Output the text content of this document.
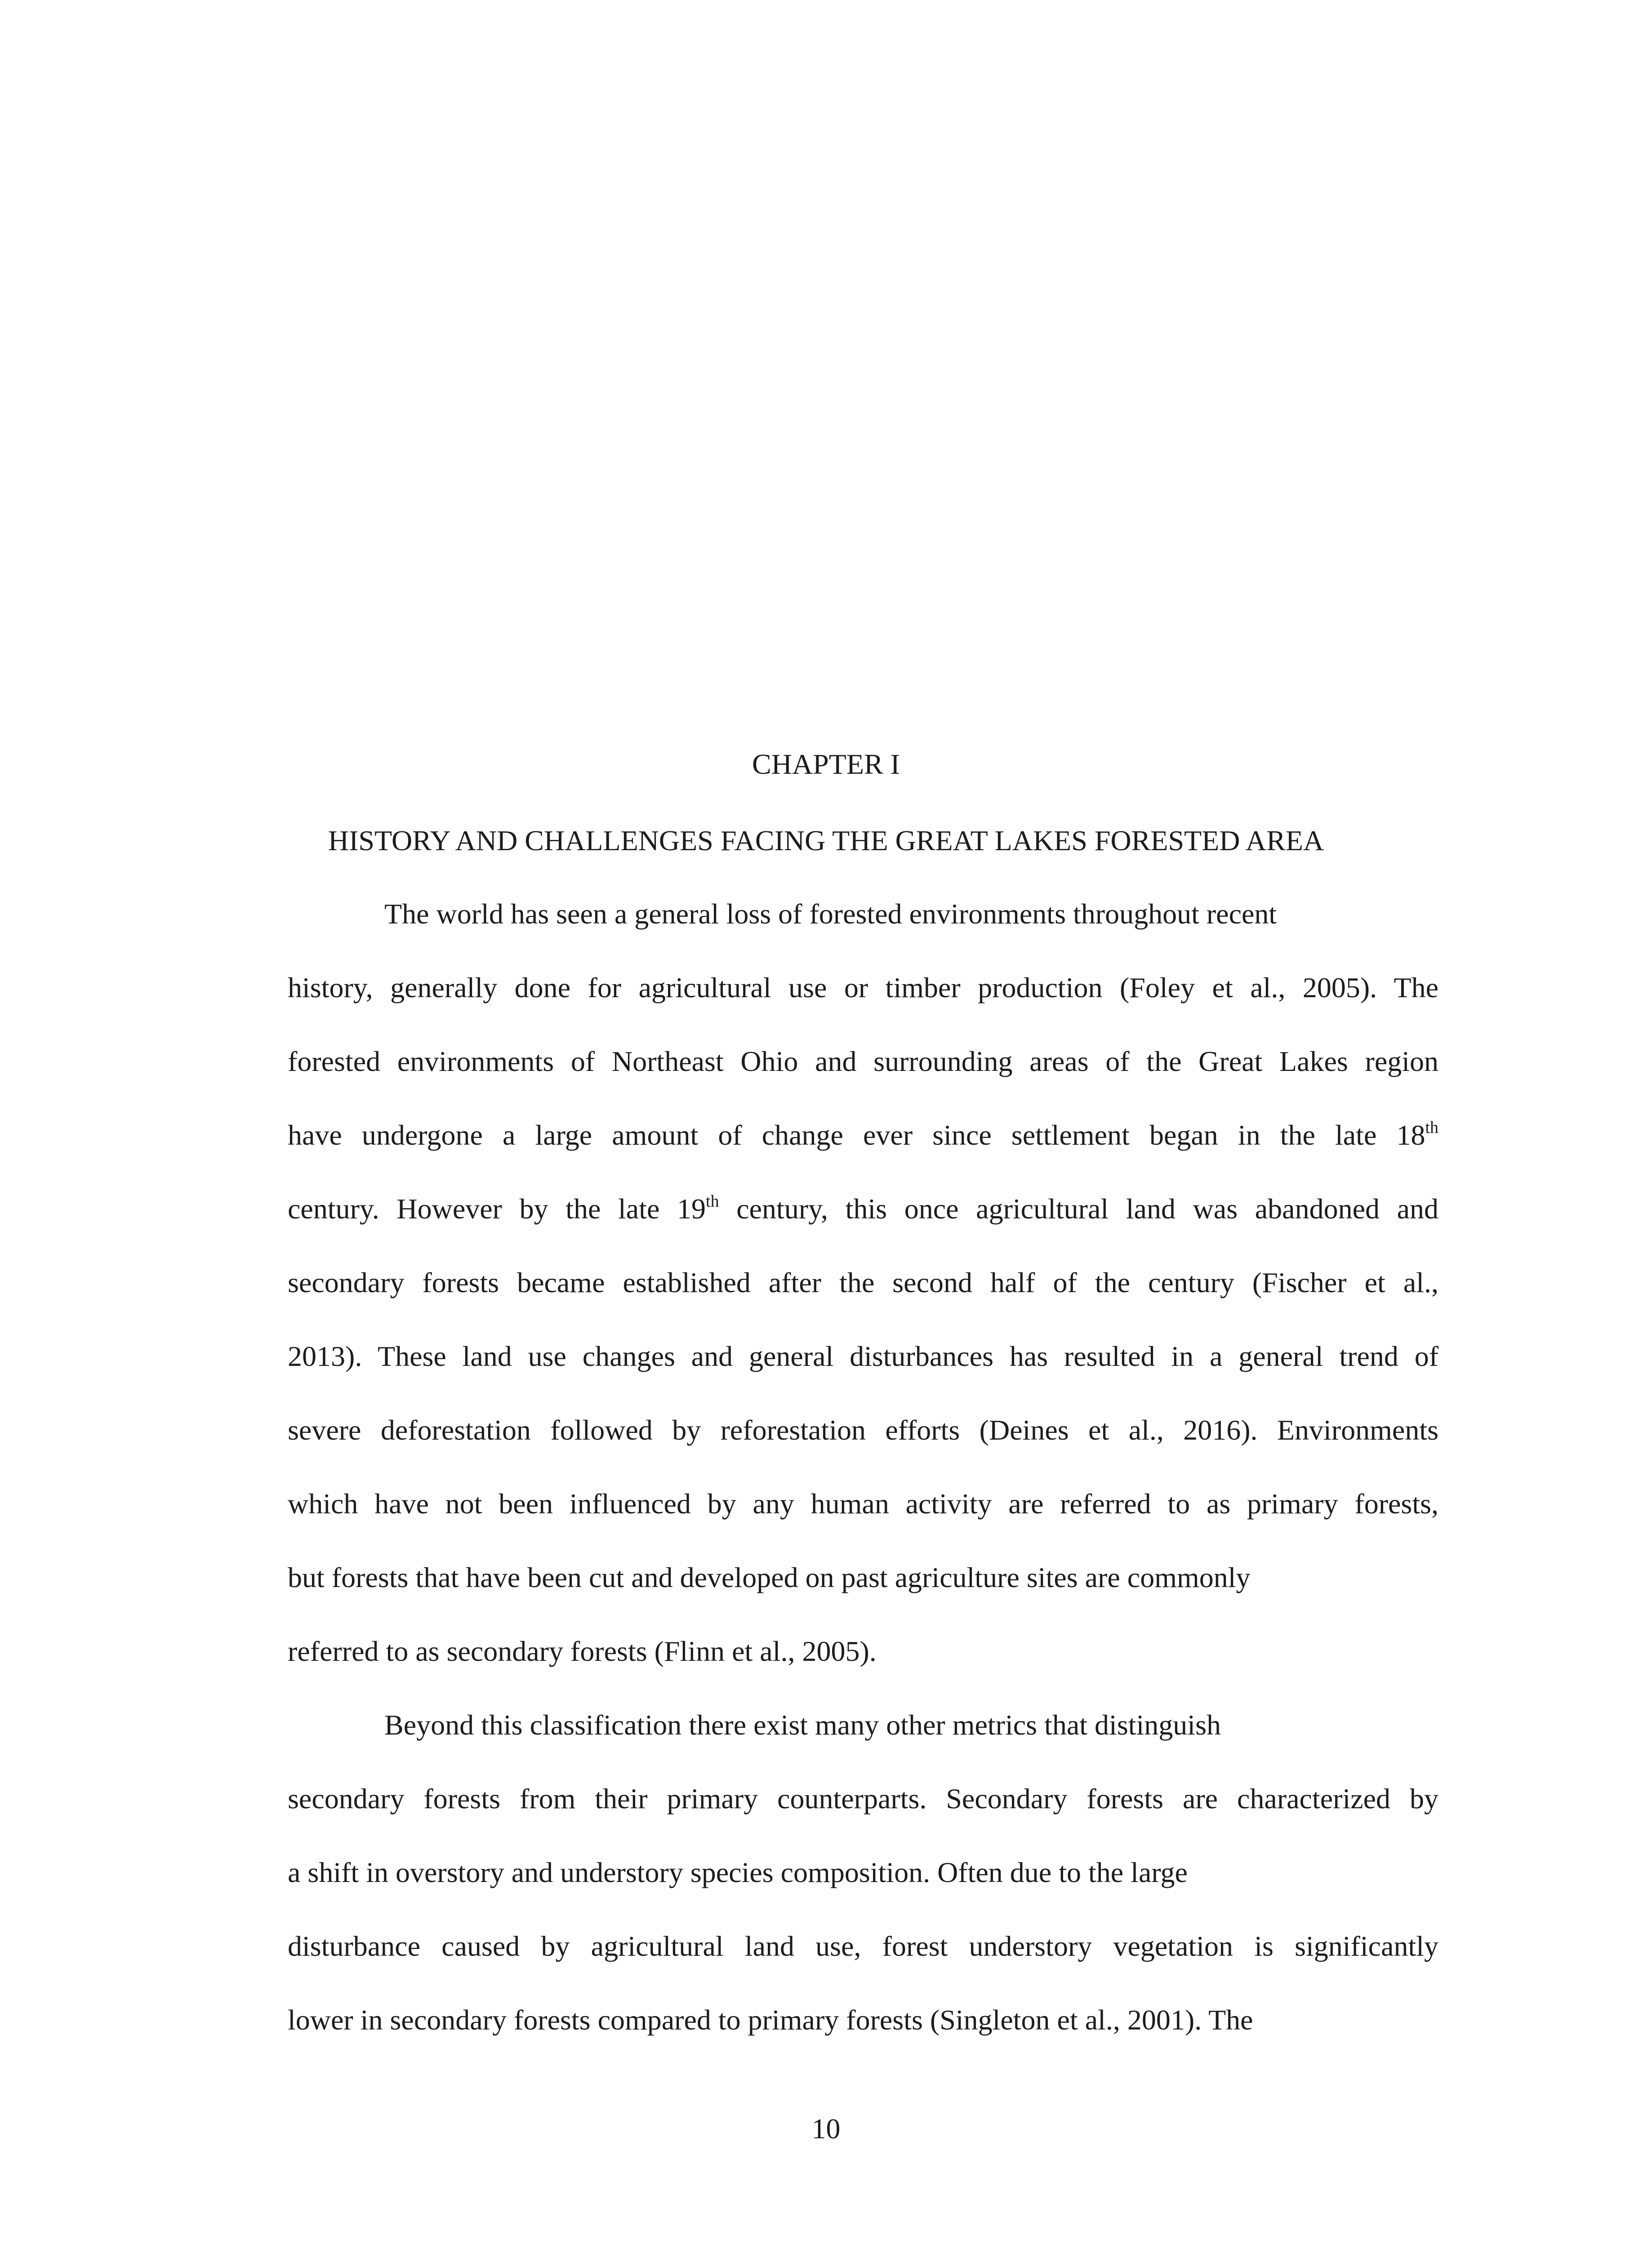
CHAPTER I
HISTORY AND CHALLENGES FACING THE GREAT LAKES FORESTED AREA
The world has seen a general loss of forested environments throughout recent
history, generally done for agricultural use or timber production (Foley et al., 2005). The
forested environments of Northeast Ohio and surrounding areas of the Great Lakes region
have undergone a large amount of change ever since settlement began in the late 18th
century. However by the late 19th century, this once agricultural land was abandoned and
secondary forests became established after the second half of the century (Fischer et al.,
2013). These land use changes and general disturbances has resulted in a general trend of
severe deforestation followed by reforestation efforts (Deines et al., 2016). Environments
which have not been influenced by any human activity are referred to as primary forests,
but forests that have been cut and developed on past agriculture sites are commonly
referred to as secondary forests (Flinn et al., 2005).
Beyond this classification there exist many other metrics that distinguish
secondary forests from their primary counterparts. Secondary forests are characterized by
a shift in overstory and understory species composition. Often due to the large
disturbance caused by agricultural land use, forest understory vegetation is significantly
lower in secondary forests compared to primary forests (Singleton et al., 2001). The
10
